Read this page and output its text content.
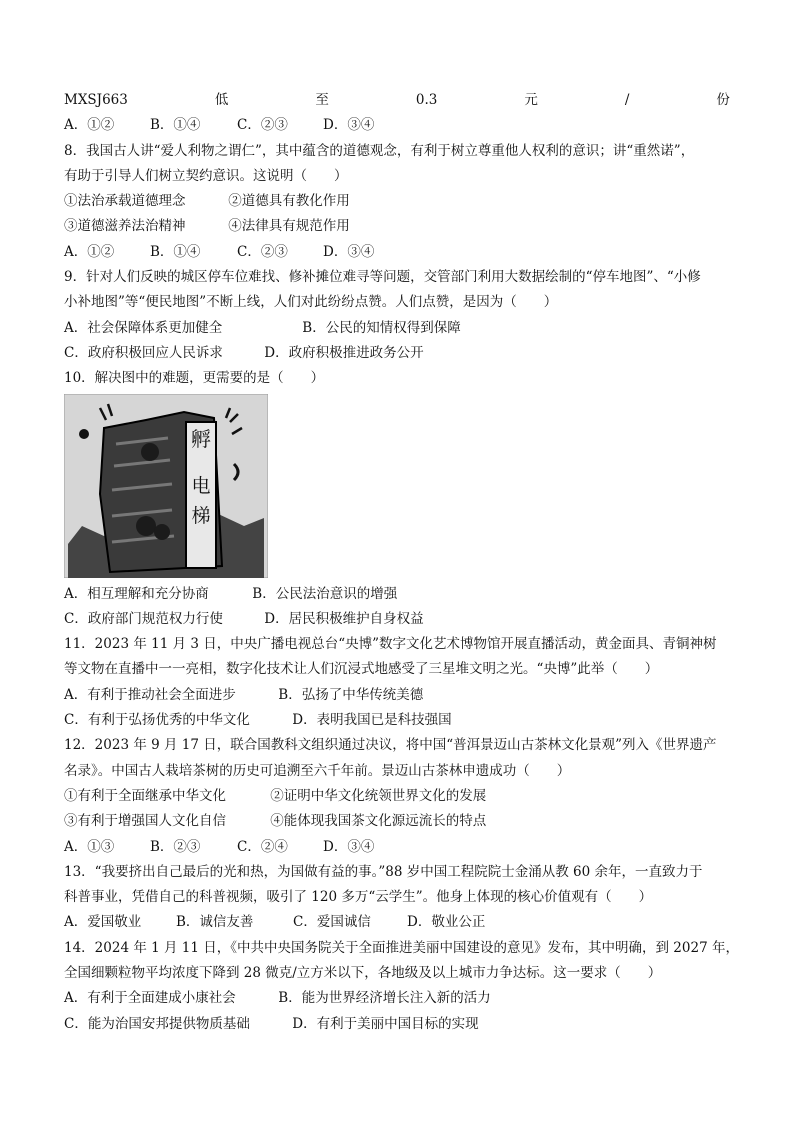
MXSJ663	低	至	0.3	元	/	份
A．①②	B．①④	C．②③	D．③④
8．我国古人讲“爱人利物之谓仁”，其中蕴含的道德观念，有利于树立尊重他人权利的意识；讲“重然诺”，
有助于引导人们树立契约意识。这说明（　　）
①法治承载道德理念	②道德具有教化作用
③道德滋养法治精神	④法律具有规范作用
A．①②	B．①④	C．②③	D．③④
9．针对人们反映的城区停车位难找、修补摊位难寻等问题，交管部门利用大数据绘制的“停车地图”、“小修
小补地图”等“便民地图”不断上线，人们对此纷纷点赞。人们点赞，是因为（　　）
A．社会保障体系更加健全	B．公民的知情权得到保障
C．政府积极回应人民诉求	D．政府积极推进政务公开
10．解决图中的难题，更需要的是（　　）
孵
电
梯
A．相互理解和充分协商	B．公民法治意识的增强
C．政府部门规范权力行使	D．居民积极维护自身权益
11．2023 年 11 月 3 日，中央广播电视总台“央博”数字文化艺术博物馆开展直播活动，黄金面具、青铜神树
等文物在直播中一一亮相，数字化技术让人们沉浸式地感受了三星堆文明之光。“央博”此举（　　）
A．有利于推动社会全面进步	B．弘扬了中华传统美德
C．有利于弘扬优秀的中华文化	D．表明我国已是科技强国
12．2023 年 9 月 17 日，联合国教科文组织通过决议，将中国“普洱景迈山古茶林文化景观”列入《世界遗产
名录》。中国古人栽培茶树的历史可追溯至六千年前。景迈山古茶林申遗成功（　　）
①有利于全面继承中华文化	②证明中华文化统领世界文化的发展
③有利于增强国人文化自信	④能体现我国茶文化源远流长的特点
A．①③	B．②③	C．②④	D．③④
13．“我要挤出自己最后的光和热，为国做有益的事。”88 岁中国工程院院士金涌从教 60 余年，一直致力于
科普事业，凭借自己的科普视频，吸引了 120 多万“云学生”。他身上体现的核心价值观有（　　）
A．爱国敬业	B．诚信友善	C．爱国诚信	D．敬业公正
14．2024 年 1 月 11 日，《中共中央国务院关于全面推进美丽中国建设的意见》发布，其中明确，到 2027 年，
全国细颗粒物平均浓度下降到 28 微克/立方米以下，各地级及以上城市力争达标。这一要求（　　）
A．有利于全面建成小康社会	B．能为世界经济增长注入新的活力
C．能为治国安邦提供物质基础	D．有利于美丽中国目标的实现
